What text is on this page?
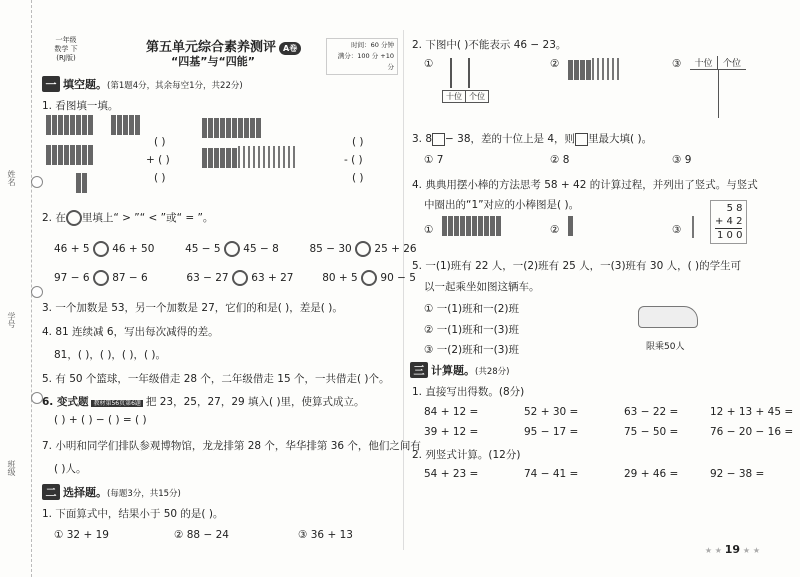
姓名
学号
班级
一年级
数学 下
(RJ版)
第五单元综合素养测评 A卷
“四基”与“四能”
时间：60 分钟
满分：100 分 +10 分
一 填空题。(第1题4分，其余每空1分，共22分)
1. 看图填一填。

( )
+ ( )
( )
( )
- ( )
( )
2. 在 里填上“ > ”“ < ”或“ = ”。
46 + 5 46 + 50	45 − 5 45 − 8	85 − 30 25 + 26
97 − 6 87 − 6	63 − 27 63 + 27	80 + 5 90 − 5
3. 一个加数是 53，另一个加数是 27，它们的和是( )，差是( )。
4. 81 连续减 6，写出每次减得的差。
81，( )，( )，( )，( )。
5. 有 50 个篮球，一年级借走 28 个，二年级借走 15 个，一共借走( )个。
6. 变式题 教材第56页第6题 把 23，25，27，29 填入( )里，使算式成立。
( ) + ( ) − ( ) = ( )
7. 小明和同学们排队参观博物馆，龙龙排第 28 个，华华排第 36 个，他们之间有
( )人。
二 选择题。(每题3分，共15分)
1. 下面算式中，结果小于 50 的是( )。
① 32 + 19	② 88 − 24	③ 36 + 13
2. 下图中( )不能表示 46 − 23。
①
十位 个位
②	③	十位	个位
3. 8 − 38，差的十位上是 4，则 里最大填( )。
① 7	② 8	③ 9
4. 典典用摆小棒的方法思考 58 + 42 的计算过程，并列出了竖式。与竖式
中圈出的“1”对应的小棒图是( )。	5 8
+ 4 2
1 0 0
①	②	③
5. 一(1)班有 22 人，一(2)班有 25 人，一(3)班有 30 人，( )的学生可
以一起乘坐如图这辆车。
① 一(1)班和一(2)班
② 一(1)班和一(3)班
③ 一(2)班和一(3)班	限乘50人
三 计算题。(共28分)
1. 直接写出得数。(8分)
84 + 12 =	52 + 30 =	63 − 22 =	12 + 13 + 45 =
39 + 12 =	95 − 17 =	75 − 50 =	76 − 20 − 16 =
2. 列竖式计算。(12分)
54 + 23 =	74 − 41 =	29 + 46 =	92 − 38 =
★ ★ 19 ★ ★
